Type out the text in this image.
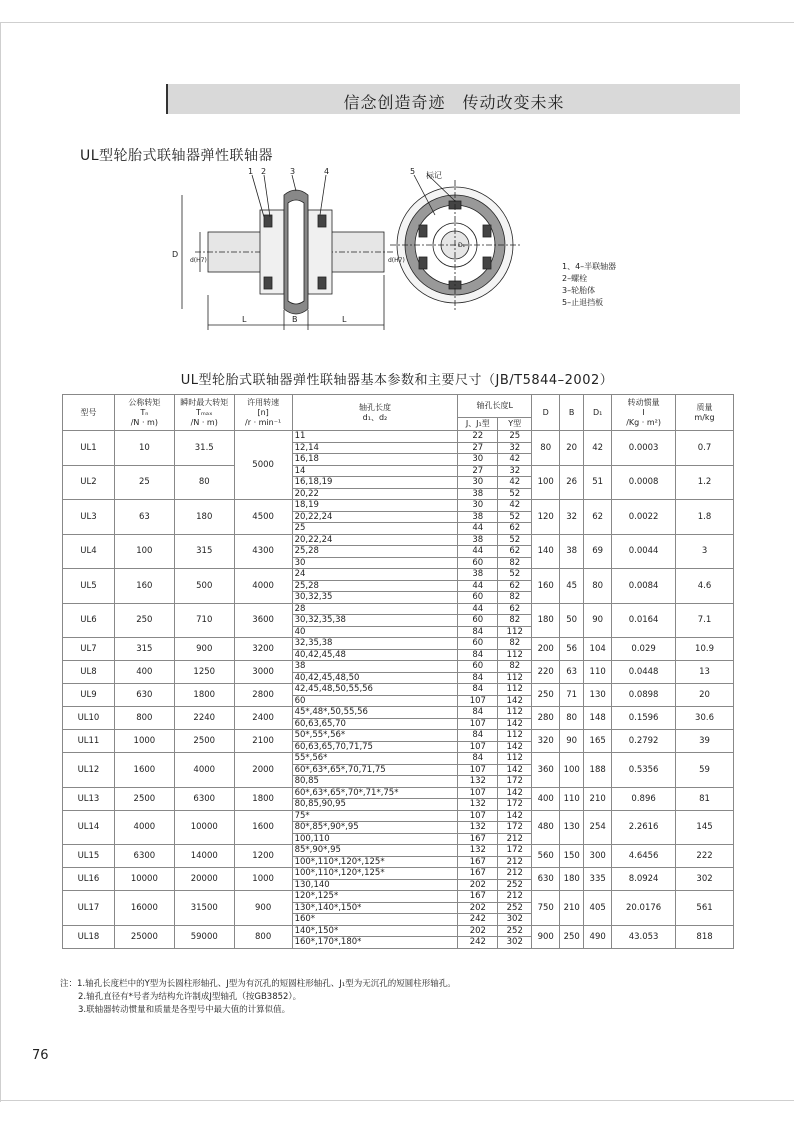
信念创造奇迹　传动改变未来
UL型轮胎式联轴器弹性联轴器
1 2	3	4	5 标记
D
d(H7)	d(H7)
D₁
L	B	L
1、4–半联轴器
2–螺栓
3–轮胎体
5–止退挡板
UL型轮胎式联轴器弹性联轴器基本参数和主要尺寸（JB/T5844–2002）
型号	公称转矩
Tₙ
/N · m)	瞬时最大转矩
Tₘₐₓ
/N · m)	许用转速
[n]
/r · min⁻¹	轴孔长度
d₁、d₂	轴孔长度L		D	B	D₁	转动惯量
I
/Kg · m²)	质量
m/kg
					J、J₁型	Y型					
UL1	10	31.5	5000	11	22	25	80	20	42	0.0003	0.7
				12,14	27	32					
				16,18	30	42					
UL2	25	80		14	27	32	100	26	51	0.0008	1.2
				16,18,19	30	42					
				20,22	38	52					
UL3	63	180	4500	18,19	30	42	120	32	62	0.0022	1.8
				20,22,24	38	52					
				25	44	62					
UL4	100	315	4300	20,22,24	38	52	140	38	69	0.0044	3
				25,28	44	62					
				30	60	82					
UL5	160	500	4000	24	38	52	160	45	80	0.0084	4.6
				25,28	44	62					
				30,32,35	60	82					
UL6	250	710	3600	28	44	62	180	50	90	0.0164	7.1
				30,32,35,38	60	82					
				40	84	112					
UL7	315	900	3200	32,35,38	60	82	200	56	104	0.029	10.9
				40,42,45,48	84	112					
UL8	400	1250	3000	38	60	82	220	63	110	0.0448	13
				40,42,45,48,50	84	112					
UL9	630	1800	2800	42,45,48,50,55,56	84	112	250	71	130	0.0898	20
				60	107	142					
UL10	800	2240	2400	45*,48*,50,55,56	84	112	280	80	148	0.1596	30.6
				60,63,65,70	107	142					
UL11	1000	2500	2100	50*,55*,56*	84	112	320	90	165	0.2792	39
				60,63,65,70,71,75	107	142					
UL12	1600	4000	2000	55*,56*	84	112	360	100	188	0.5356	59
				60*,63*,65*,70,71,75	107	142					
				80,85	132	172					
UL13	2500	6300	1800	60*,63*,65*,70*,71*,75*	107	142	400	110	210	0.896	81
				80,85,90,95	132	172					
UL14	4000	10000	1600	75*	107	142	480	130	254	2.2616	145
				80*,85*,90*,95	132	172					
				100,110	167	212					
UL15	6300	14000	1200	85*,90*,95	132	172	560	150	300	4.6456	222
				100*,110*,120*,125*	167	212					
UL16	10000	20000	1000	100*,110*,120*,125*	167	212	630	180	335	8.0924	302
				130,140	202	252					
UL17	16000	31500	900	120*,125*	167	212	750	210	405	20.0176	561
				130*,140*,150*	202	252					
				160*	242	302					
UL18	25000	59000	800	140*,150*	202	252	900	250	490	43.053	818
				160*,170*,180*	242	302					
注：1.轴孔长度栏中的Y型为长圆柱形轴孔、J型为有沉孔的短圆柱形轴孔、J₁型为无沉孔的短圆柱形轴孔。
2.轴孔直径有*号者为结构允许制成J型轴孔（按GB3852）。
3.联轴器转动惯量和质量是各型号中最大值的计算似值。
76
